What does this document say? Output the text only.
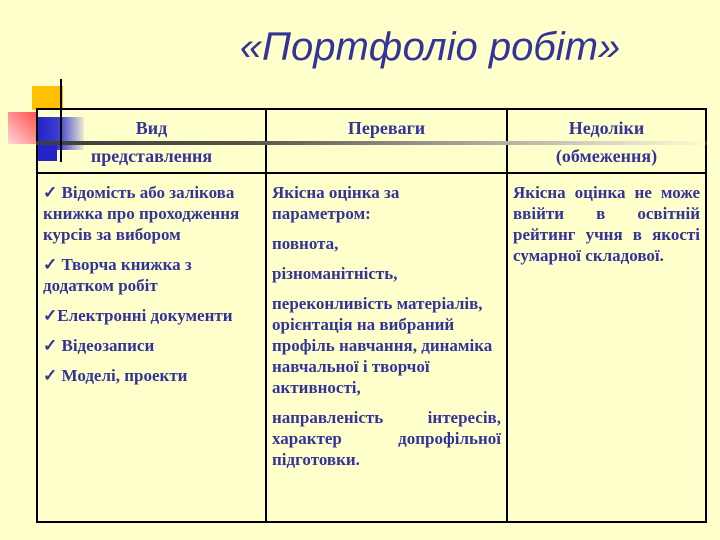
«Портфоліо робіт»
Вид
представлення
Переваги	Недоліки
(обмеження)

✓ Відомість або залікова книжка про проходження курсів за вибором

✓ Творча книжка з додатком робіт

✓Електронні документи

✓ Відеозаписи

✓ Моделі, проекти

Якісна оцінка за параметром:

повнота,

різноманітність,

переконливість матеріалів, орієнтація на вибраний профіль навчання, динаміка навчальної і творчої активності,

направленість інтересів, характер допрофільної підготовки.

Якісна оцінка не може ввійти в освітній рейтинг учня в якості сумарної складової.
